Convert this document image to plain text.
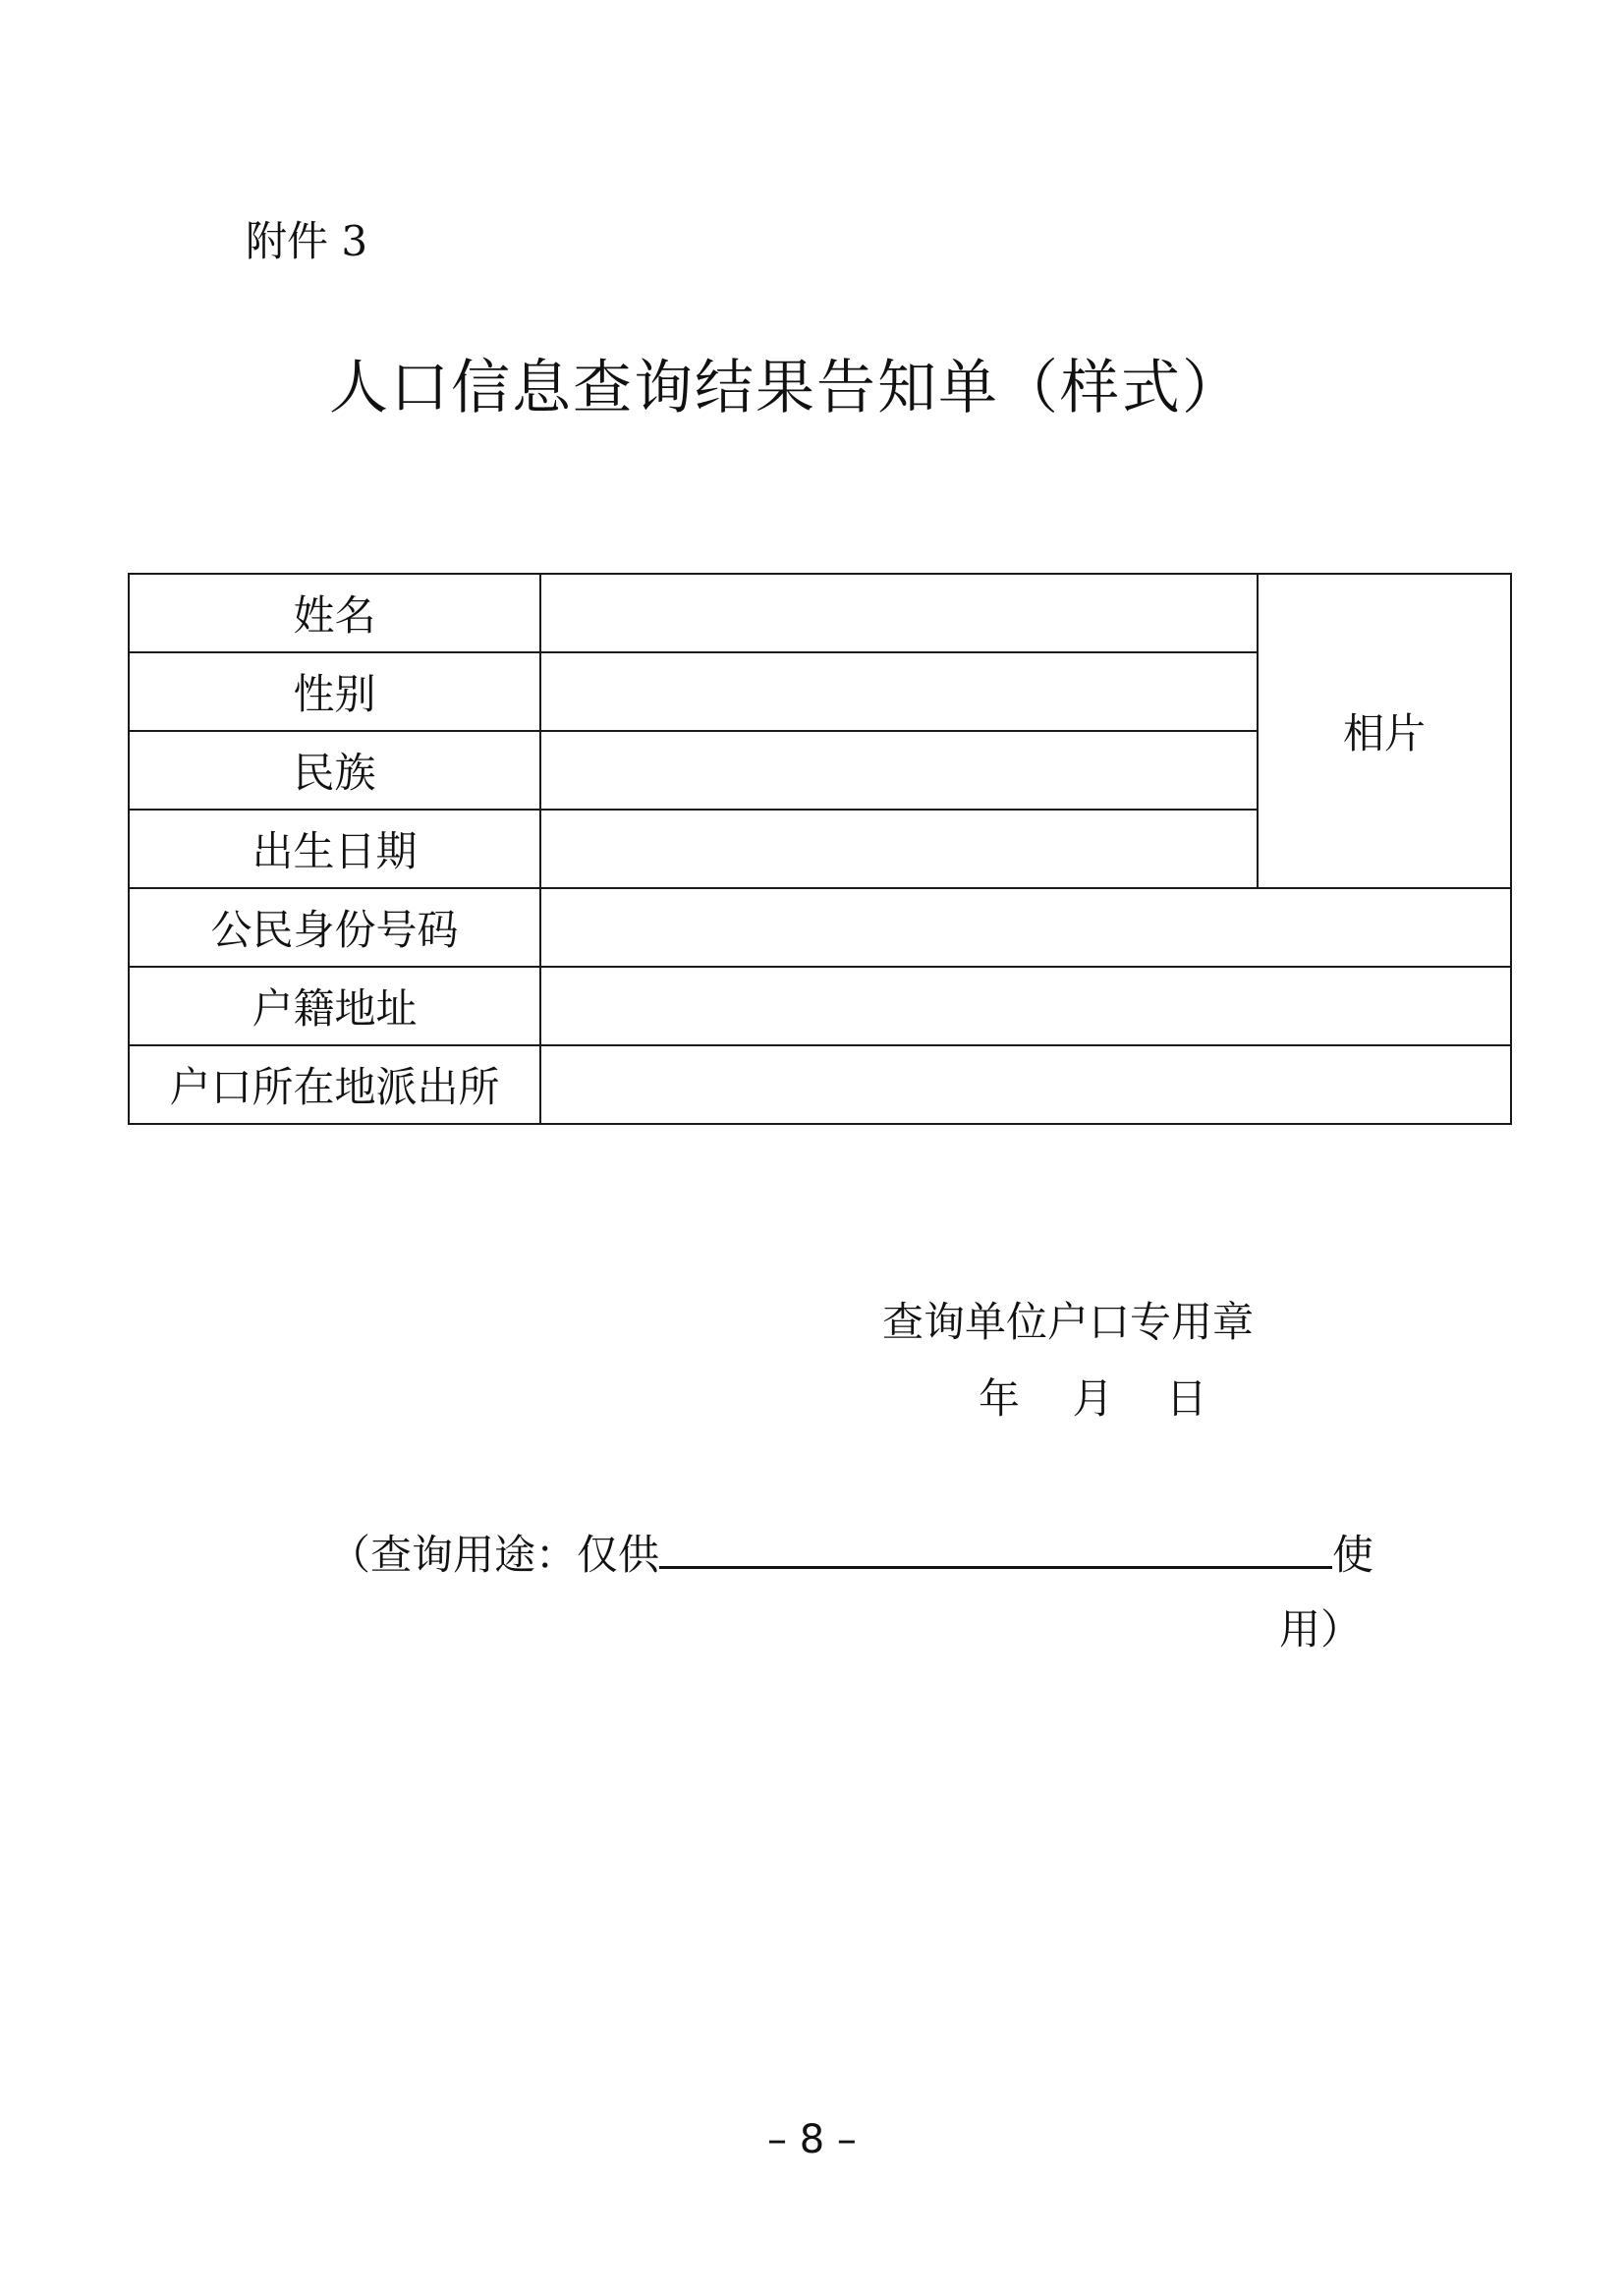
附件 3
人口信息查询结果告知单（样式）
姓名		相片
性别		
民族		
出生日期		
公民身份号码		
户籍地址		
户口所在地派出所		
查询单位户口专用章
年    月    日
（查询用途：仅供	使
用）
– 8 –
